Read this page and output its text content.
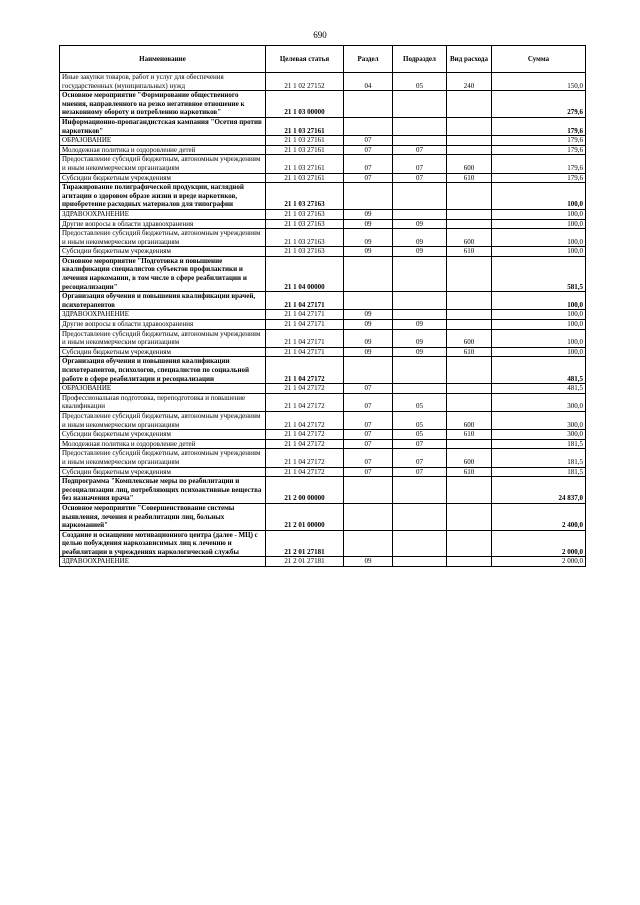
690
Наименование	Целевая статья	Раздел	Подраздел	Вид расхода	Сумма
Иные закупки товаров, работ и услуг для обеспечения государственных (муниципальных) нужд	21 1 02 27152	04	05	240	150,0
Основное мероприятие "Формирование общественного мнения, направленного на резко негативное отношение к незаконному обороту и потреблению наркотиков"	21 1 03 00000				279,6
Информационно-пропагандистская кампания "Осетия против наркотиков"	21 1 03 27161				179,6
ОБРАЗОВАНИЕ	21 1 03 27161	07			179,6
Молодежная политика и оздоровление детей	21 1 03 27161	07	07		179,6
Предоставление субсидий бюджетным, автономным учреждениям и иным некоммерческим организациям	21 1 03 27161	07	07	600	179,6
Субсидии бюджетным учреждениям	21 1 03 27161	07	07	610	179,6
Тиражирование полиграфической продукции, наглядной агитации о здоровом образе жизни и вреде наркотиков, приобретение расходных материалов для типографии	21 1 03 27163				100,0
ЗДРАВООХРАНЕНИЕ	21 1 03 27163	09			100,0
Другие вопросы в области здравоохранения	21 1 03 27163	09	09		100,0
Предоставление субсидий бюджетным, автономным учреждениям и иным некоммерческим организациям	21 1 03 27163	09	09	600	100,0
Субсидии бюджетным учреждениям	21 1 03 27163	09	09	610	100,0
Основное мероприятие "Подготовка и повышение квалификации специалистов субъектов профилактики и лечения наркомании, в том числе в сфере реабилитации и ресоциализации"	21 1 04 00000				581,5
Организация обучения и повышения квалификации врачей, психотерапевтов	21 1 04 27171				100,0
ЗДРАВООХРАНЕНИЕ	21 1 04 27171	09			100,0
Другие вопросы в области здравоохранения	21 1 04 27171	09	09		100,0
Предоставление субсидий бюджетным, автономным учреждениям и иным некоммерческим организациям	21 1 04 27171	09	09	600	100,0
Субсидии бюджетным учреждениям	21 1 04 27171	09	09	610	100,0
Организация обучения и повышения квалификации психотерапевтов, психологов, специалистов по социальной работе в сфере реабилитации и ресоциализации	21 1 04 27172				481,5
ОБРАЗОВАНИЕ	21 1 04 27172	07			481,5
Профессиональная подготовка, переподготовка и повышение квалификации	21 1 04 27172	07	05		300,0
Предоставление субсидий бюджетным, автономным учреждениям и иным некоммерческим организациям	21 1 04 27172	07	05	600	300,0
Субсидии бюджетным учреждениям	21 1 04 27172	07	05	610	300,0
Молодежная политика и оздоровление детей	21 1 04 27172	07	07		181,5
Предоставление субсидий бюджетным, автономным учреждениям и иным некоммерческим организациям	21 1 04 27172	07	07	600	181,5
Субсидии бюджетным учреждениям	21 1 04 27172	07	07	610	181,5
Подпрограмма "Комплексные меры по реабилитации и ресоциализации лиц, потребляющих психоактивные вещества без назначения врача"	21 2 00 00000				24 837,0
Основное мероприятие "Совершенствование системы выявления, лечения и реабилитации лиц, больных наркоманией"	21 2 01 00000				2 400,0
Создание и оснащение мотивационного центра (далее - МЦ) с целью побуждения наркозависимых лиц к лечению и реабилитации в учреждениях наркологической службы	21 2 01 27181				2 000,0
ЗДРАВООХРАНЕНИЕ	21 2 01 27181	09			2 000,0
